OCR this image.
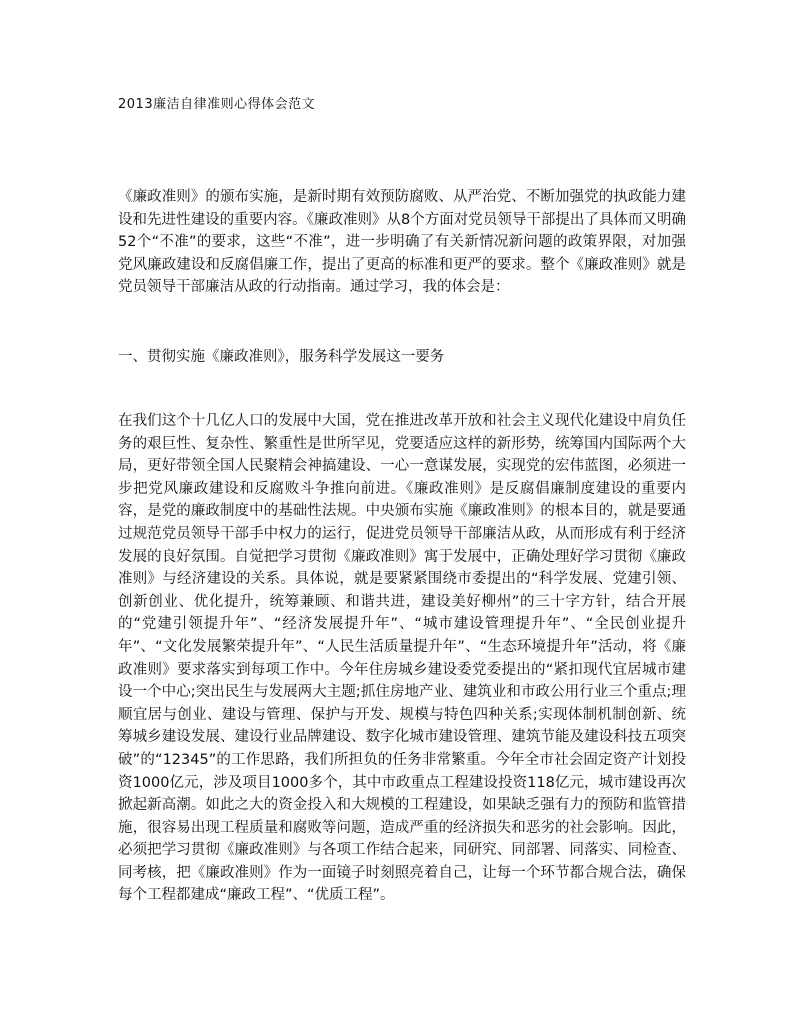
2013廉洁自律准则心得体会范文
《廉政准则》的颁布实施，是新时期有效预防腐败、从严治党、不断加强党的执政能力建设和先进性建设的重要内容。《廉政准则》从8个方面对党员领导干部提出了具体而又明确52个“不准”的要求，这些“不准”，进一步明确了有关新情况新问题的政策界限，对加强党风廉政建设和反腐倡廉工作，提出了更高的标准和更严的要求。整个《廉政准则》就是党员领导干部廉洁从政的行动指南。通过学习，我的体会是：
一、贯彻实施《廉政准则》，服务科学发展这一要务
在我们这个十几亿人口的发展中大国，党在推进改革开放和社会主义现代化建设中肩负任务的艰巨性、复杂性、繁重性是世所罕见，党要适应这样的新形势，统筹国内国际两个大局，更好带领全国人民聚精会神搞建设、一心一意谋发展，实现党的宏伟蓝图，必须进一步把党风廉政建设和反腐败斗争推向前进。《廉政准则》是反腐倡廉制度建设的重要内容，是党的廉政制度中的基础性法规。中央颁布实施《廉政准则》的根本目的，就是要通过规范党员领导干部手中权力的运行，促进党员领导干部廉洁从政，从而形成有利于经济发展的良好氛围。自觉把学习贯彻《廉政准则》寓于发展中，正确处理好学习贯彻《廉政准则》与经济建设的关系。具体说，就是要紧紧围绕市委提出的“科学发展、党建引领、创新创业、优化提升，统筹兼顾、和谐共进，建设美好柳州”的三十字方针，结合开展的“党建引领提升年”、“经济发展提升年”、“城市建设管理提升年”、“全民创业提升年”、“文化发展繁荣提升年”、“人民生活质量提升年”、“生态环境提升年”活动，将《廉政准则》要求落实到每项工作中。今年住房城乡建设委党委提出的“紧扣现代宜居城市建设一个中心;突出民生与发展两大主题;抓住房地产业、建筑业和市政公用行业三个重点;理顺宜居与创业、建设与管理、保护与开发、规模与特色四种关系;实现体制机制创新、统筹城乡建设发展、建设行业品牌建设、数字化城市建设管理、建筑节能及建设科技五项突破”的“12345”的工作思路，我们所担负的任务非常繁重。今年全市社会固定资产计划投资1000亿元，涉及项目1000多个，其中市政重点工程建设投资118亿元，城市建设再次掀起新高潮。如此之大的资金投入和大规模的工程建设，如果缺乏强有力的预防和监管措施，很容易出现工程质量和腐败等问题，造成严重的经济损失和恶劣的社会影响。因此，必须把学习贯彻《廉政准则》与各项工作结合起来，同研究、同部署、同落实、同检查、同考核，把《廉政准则》作为一面镜子时刻照亮着自己，让每一个环节都合规合法，确保每个工程都建成“廉政工程”、“优质工程”。
